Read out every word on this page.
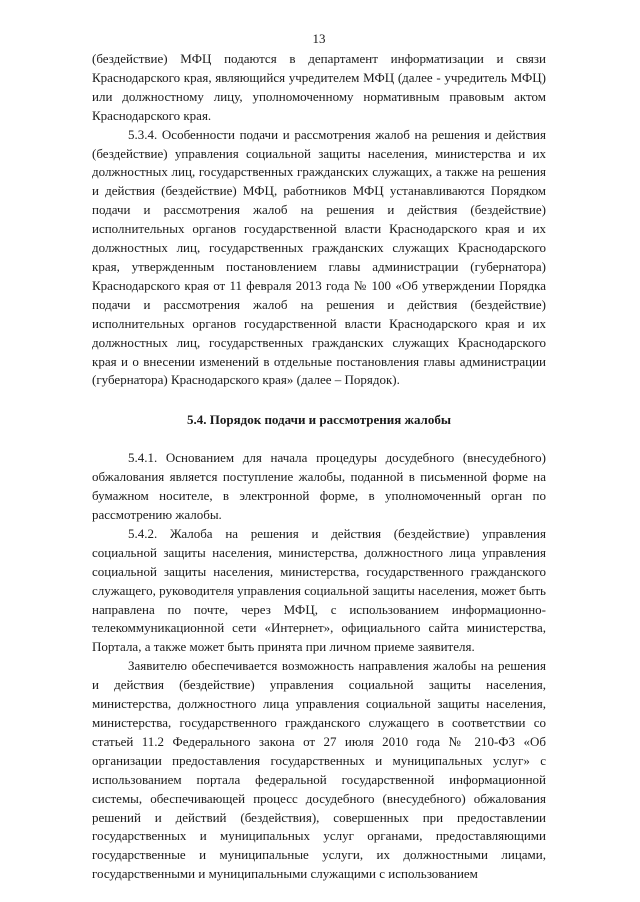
13

(бездействие) МФЦ подаются в департамент информатизации и связи Краснодарского края, являющийся учредителем МФЦ (далее - учредитель МФЦ) или должностному лицу, уполномоченному нормативным правовым актом Краснодарского края.

5.3.4. Особенности подачи и рассмотрения жалоб на решения и действия (бездействие) управления социальной защиты населения, министерства и их должностных лиц, государственных гражданских служащих, а также на решения и действия (бездействие) МФЦ, работников МФЦ устанавливаются Порядком подачи и рассмотрения жалоб на решения и действия (бездействие) исполнительных органов государственной власти Краснодарского края и их должностных лиц, государственных гражданских служащих Краснодарского края, утвержденным постановлением главы администрации (губернатора) Краснодарского края от 11 февраля 2013 года № 100 «Об утверждении Порядка подачи и рассмотрения жалоб на решения и действия (бездействие) исполнительных органов государственной власти Краснодарского края и их должностных лиц, государственных гражданских служащих Краснодарского края и о внесении изменений в отдельные постановления главы администрации (губернатора) Краснодарского края» (далее – Порядок).

5.4. Порядок подачи и рассмотрения жалобы

5.4.1. Основанием для начала процедуры досудебного (внесудебного) обжалования является поступление жалобы, поданной в письменной форме на бумажном носителе, в электронной форме, в уполномоченный орган по рассмотрению жалобы.

5.4.2. Жалоба на решения и действия (бездействие) управления социальной защиты населения, министерства, должностного лица управления социальной защиты населения, министерства, государственного гражданского служащего, руководителя управления социальной защиты населения, может быть направлена по почте, через МФЦ, с использованием информационно-телекоммуникационной сети «Интернет», официального сайта министерства, Портала, а также может быть принята при личном приеме заявителя.

Заявителю обеспечивается возможность направления жалобы на решения и действия (бездействие) управления социальной защиты населения, министерства, должностного лица управления социальной защиты населения, министерства, государственного гражданского служащего в соответствии со статьей 11.2 Федерального закона от 27 июля 2010 года № 210-ФЗ «Об организации предоставления государственных и муниципальных услуг» с использованием портала федеральной государственной информационной системы, обеспечивающей процесс досудебного (внесудебного) обжалования решений и действий (бездействия), совершенных при предоставлении государственных и муниципальных услуг органами, предоставляющими государственные и муниципальные услуги, их должностными лицами, государственными и муниципальными служащими с использованием
